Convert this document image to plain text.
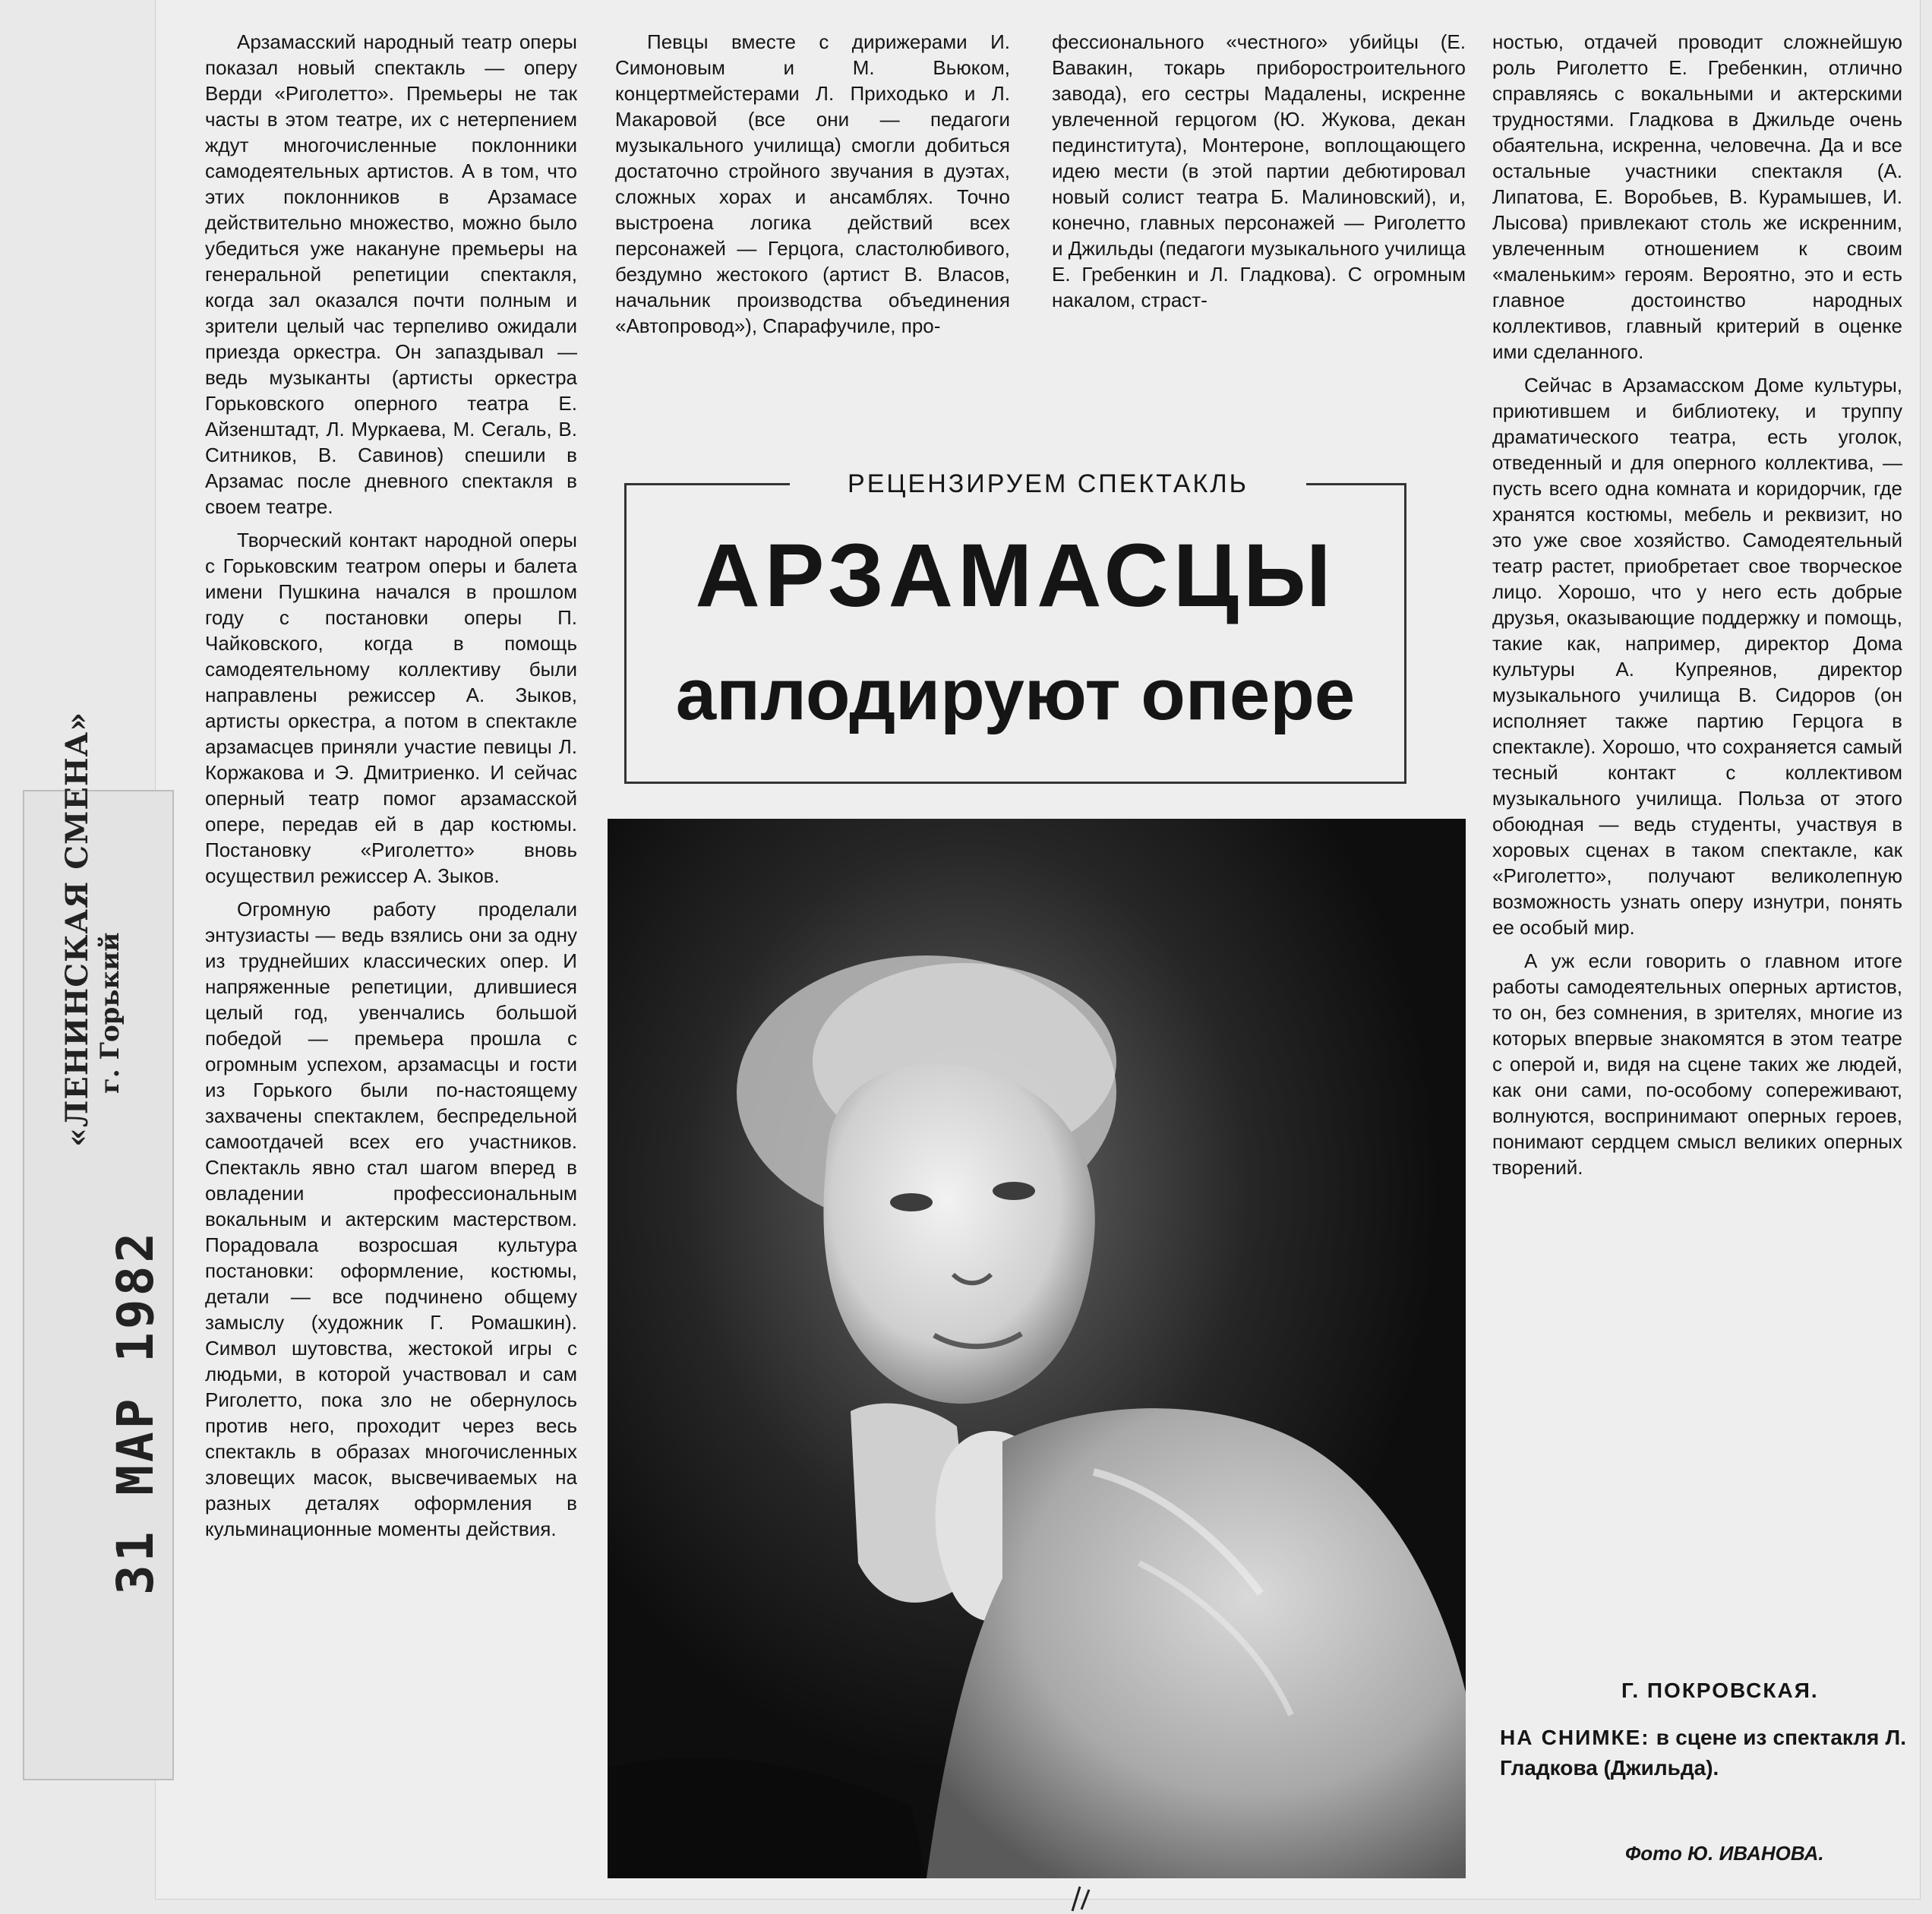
«ЛЕНИНСКАЯ СМЕНА» г. Горький
31 МАР 1982

Арзамасский народный театр оперы показал новый спектакль — оперу Верди «Риголетто». Премьеры не так часты в этом театре, их с нетерпением ждут многочисленные поклонники самодеятельных артистов. А в том, что этих поклонников в Арзамасе действительно множество, можно было убедиться уже накануне премьеры на генеральной репетиции спектакля, когда зал оказался почти полным и зрители целый час терпеливо ожидали приезда оркестра. Он запаздывал — ведь музыканты (артисты оркестра Горьковского оперного театра Е. Айзенштадт, Л. Муркаева, М. Сегаль, В. Ситников, В. Савинов) спешили в Арзамас после дневного спектакля в своем театре.

Творческий контакт народной оперы с Горьковским театром оперы и балета имени Пушкина начался в прошлом году с постановки оперы П. Чайковского, когда в помощь самодеятельному коллективу были направлены режиссер А. Зыков, артисты оркестра, а потом в спектакле арзамасцев приняли участие певицы Л. Коржакова и Э. Дмитриенко. И сейчас оперный театр помог арзамасской опере, передав ей в дар костюмы. Постановку «Риголетто» вновь осуществил режиссер А. Зыков.

Огромную работу проделали энтузиасты — ведь взялись они за одну из труднейших классических опер. И напряженные репетиции, длившиеся целый год, увенчались большой победой — премьера прошла с огромным успехом, арзамасцы и гости из Горького были по-настоящему захвачены спектаклем, беспредельной самоотдачей всех его участников. Спектакль явно стал шагом вперед в овладении профессиональным вокальным и актерским мастерством. Порадовала возросшая культура постановки: оформление, костюмы, детали — все подчинено общему замыслу (художник Г. Ромашкин). Символ шутовства, жестокой игры с людьми, в которой участвовал и сам Риголетто, пока зло не обернулось против него, проходит через весь спектакль в образах многочисленных зловещих масок, высвечиваемых на разных деталях оформления в кульминационные моменты действия.

Певцы вместе с дирижерами И. Симоновым и М. Вьюком, концертмейстерами Л. Приходько и Л. Макаровой (все они — педагоги музыкального училища) смогли добиться достаточно стройного звучания в дуэтах, сложных хорах и ансамблях. Точно выстроена логика действий всех персонажей — Герцога, сластолюбивого, бездумно жестокого (артист В. Власов, начальник производства объединения «Автопровод»), Спарафучиле, про-

фессионального «честного» убийцы (Е. Вавакин, токарь приборостроительного завода), его сестры Мадалены, искренне увлеченной герцогом (Ю. Жукова, декан пединститута), Монтероне, воплощающего идею мести (в этой партии дебютировал новый солист театра Б. Малиновский), и, конечно, главных персонажей — Риголетто и Джильды (педагоги музыкального училища Е. Гребенкин и Л. Гладкова). С огромным накалом, страст-

ностью, отдачей проводит сложнейшую роль Риголетто Е. Гребенкин, отлично справляясь с вокальными и актерскими трудностями. Гладкова в Джильде очень обаятельна, искренна, человечна. Да и все остальные участники спектакля (А. Липатова, Е. Воробьев, В. Курамышев, И. Лысова) привлекают столь же искренним, увлеченным отношением к своим «маленьким» героям. Вероятно, это и есть главное достоинство народных коллективов, главный критерий в оценке ими сделанного.

Сейчас в Арзамасском Доме культуры, приютившем и библиотеку, и труппу драматического театра, есть уголок, отведенный и для оперного коллектива, — пусть всего одна комната и коридорчик, где хранятся костюмы, мебель и реквизит, но это уже свое хозяйство. Самодеятельный театр растет, приобретает свое творческое лицо. Хорошо, что у него есть добрые друзья, оказывающие поддержку и помощь, такие как, например, директор Дома культуры А. Купреянов, директор музыкального училища В. Сидоров (он исполняет также партию Герцога в спектакле). Хорошо, что сохраняется самый тесный контакт с коллективом музыкального училища. Польза от этого обоюдная — ведь студенты, участвуя в хоровых сценах в таком спектакле, как «Риголетто», получают великолепную возможность узнать оперу изнутри, понять ее особый мир.

А уж если говорить о главном итоге работы самодеятельных оперных артистов, то он, без сомнения, в зрителях, многие из которых впервые знакомятся в этом театре с оперой и, видя на сцене таких же людей, как они сами, по-особому сопереживают, волнуются, воспринимают оперных героев, понимают сердцем смысл великих оперных творений.

РЕЦЕНЗИРУЕМ СПЕКТАКЛЬ
АРЗАМАСЦЫ
аплодируют опере
Г. ПОКРОВСКАЯ.
НА СНИМКЕ: в сцене из спектакля Л. Гладкова (Джильда).
Фото Ю. ИВАНОВА.
